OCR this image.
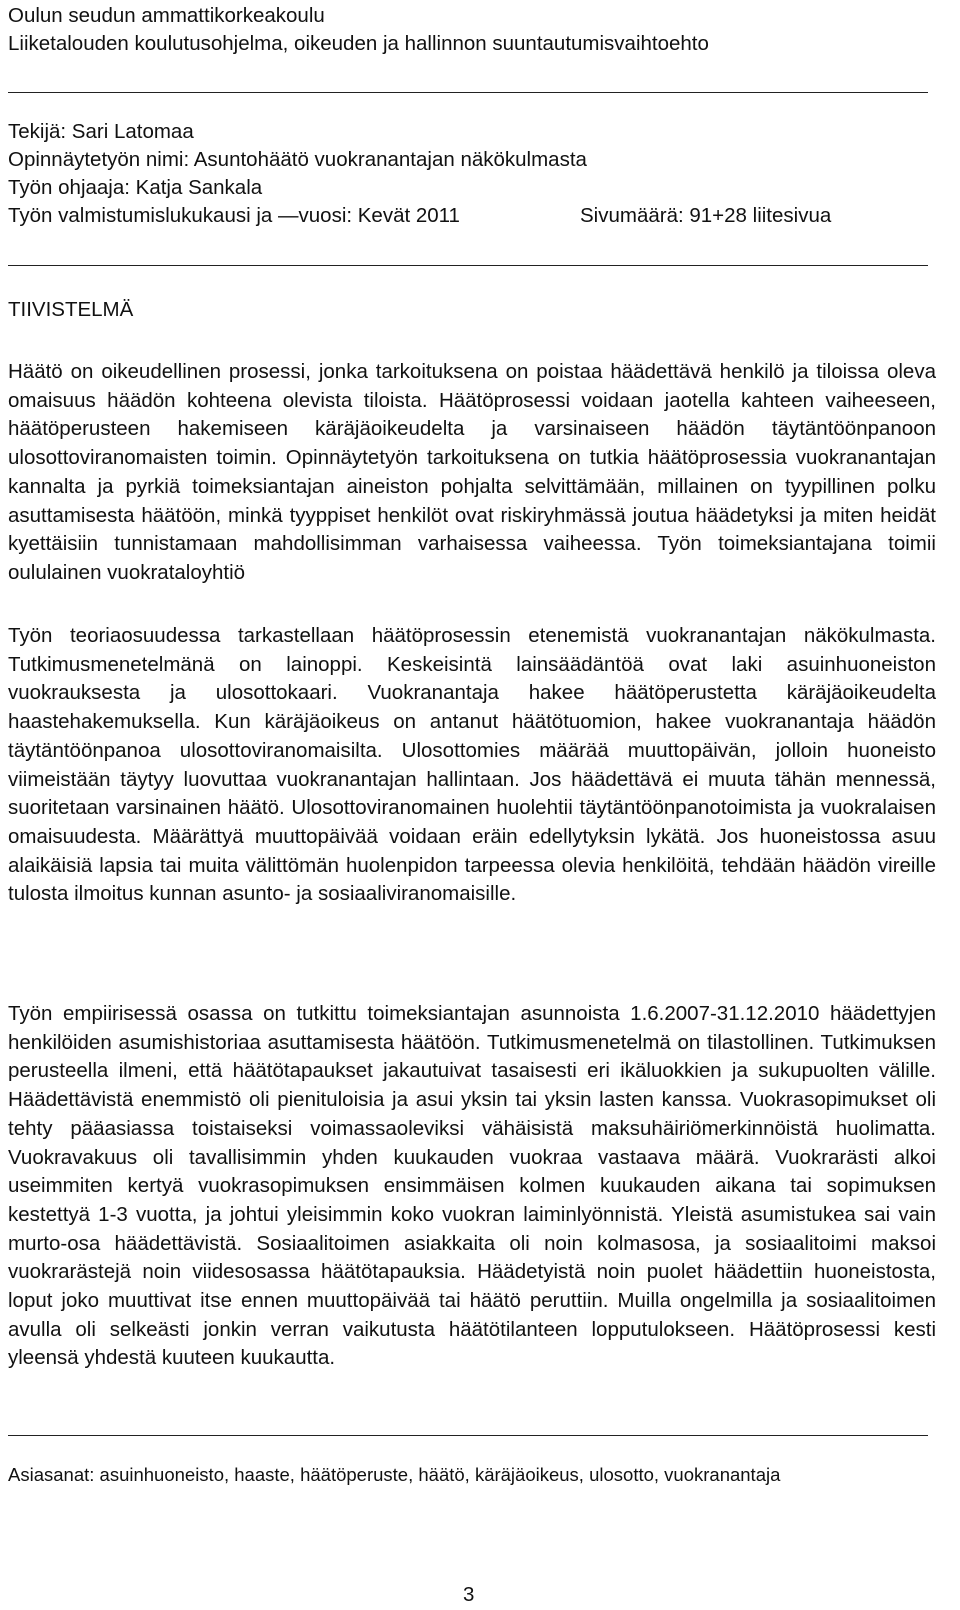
Oulun seudun ammattikorkeakoulu
Liiketalouden koulutusohjelma, oikeuden ja hallinnon suuntautumisvaihtoehto
Tekijä: Sari Latomaa
Opinnäytetyön nimi: Asuntohäätö vuokranantajan näkökulmasta
Työn ohjaaja: Katja Sankala
Työn valmistumislukukausi ja —vuosi: Kevät 2011	Sivumäärä: 91+28 liitesivua
TIIVISTELMÄ
Häätö on oikeudellinen prosessi, jonka tarkoituksena on poistaa häädettävä henkilö ja tiloissa oleva omaisuus häädön kohteena olevista tiloista. Häätöprosessi voidaan jaotella kahteen vaiheeseen, häätöperusteen hakemiseen käräjäoikeudelta ja varsinaiseen häädön täytäntöönpanoon ulosottoviranomaisten toimin. Opinnäytetyön tarkoituksena on tutkia häätöprosessia vuokranantajan kannalta ja pyrkiä toimeksiantajan aineiston pohjalta selvittämään, millainen on tyypillinen polku asuttamisesta häätöön, minkä tyyppiset henkilöt ovat riskiryhmässä joutua häädetyksi ja miten heidät kyettäisiin tunnistamaan mahdollisimman varhaisessa vaiheessa. Työn toimeksiantajana toimii oululainen vuokrataloyhtiö
Työn teoriaosuudessa tarkastellaan häätöprosessin etenemistä vuokranantajan näkökulmasta. Tutkimusmenetelmänä on lainoppi. Keskeisintä lainsäädäntöä ovat laki asuinhuoneiston vuokrauksesta ja ulosottokaari. Vuokranantaja hakee häätöperustetta käräjäoikeudelta haastehakemuksella. Kun käräjäoikeus on antanut häätötuomion, hakee vuokranantaja häädön täytäntöönpanoa ulosottoviranomaisilta. Ulosottomies määrää muuttopäivän, jolloin huoneisto viimeistään täytyy luovuttaa vuokranantajan hallintaan. Jos häädettävä ei muuta tähän mennessä, suoritetaan varsinainen häätö. Ulosottoviranomainen huolehtii täytäntöönpanotoimista ja vuokralaisen omaisuudesta. Määrättyä muuttopäivää voidaan eräin edellytyksin lykätä. Jos huoneistossa asuu alaikäisiä lapsia tai muita välittömän huolenpidon tarpeessa olevia henkilöitä, tehdään häädön vireille tulosta ilmoitus kunnan asunto- ja sosiaaliviranomaisille.
Työn empiirisessä osassa on tutkittu toimeksiantajan asunnoista 1.6.2007-31.12.2010 häädettyjen henkilöiden asumishistoriaa asuttamisesta häätöön. Tutkimusmenetelmä on tilastollinen. Tutkimuksen perusteella ilmeni, että häätötapaukset jakautuivat tasaisesti eri ikäluokkien ja sukupuolten välille. Häädettävistä enemmistö oli pienituloisia ja asui yksin tai yksin lasten kanssa. Vuokrasopimukset oli tehty pääasiassa toistaiseksi voimassaoleviksi vähäisistä maksuhäiriömerkinnöistä huolimatta. Vuokravakuus oli tavallisimmin yhden kuukauden vuokraa vastaava määrä. Vuokrarästi alkoi useimmiten kertyä vuokrasopimuksen ensimmäisen kolmen kuukauden aikana tai sopimuksen kestettyä 1-3 vuotta, ja johtui yleisimmin koko vuokran laiminlyönnistä. Yleistä asumistukea sai vain murto-osa häädettävistä. Sosiaalitoimen asiakkaita oli noin kolmasosa, ja sosiaalitoimi maksoi vuokrarästejä noin viidesosassa häätötapauksia. Häädetyistä noin puolet häädettiin huoneistosta, loput joko muuttivat itse ennen muuttopäivää tai häätö peruttiin. Muilla ongelmilla ja sosiaalitoimen avulla oli selkeästi jonkin verran vaikutusta häätötilanteen lopputulokseen. Häätöprosessi kesti yleensä yhdestä kuuteen kuukautta.
Asiasanat: asuinhuoneisto, haaste, häätöperuste, häätö, käräjäoikeus, ulosotto, vuokranantaja
3
